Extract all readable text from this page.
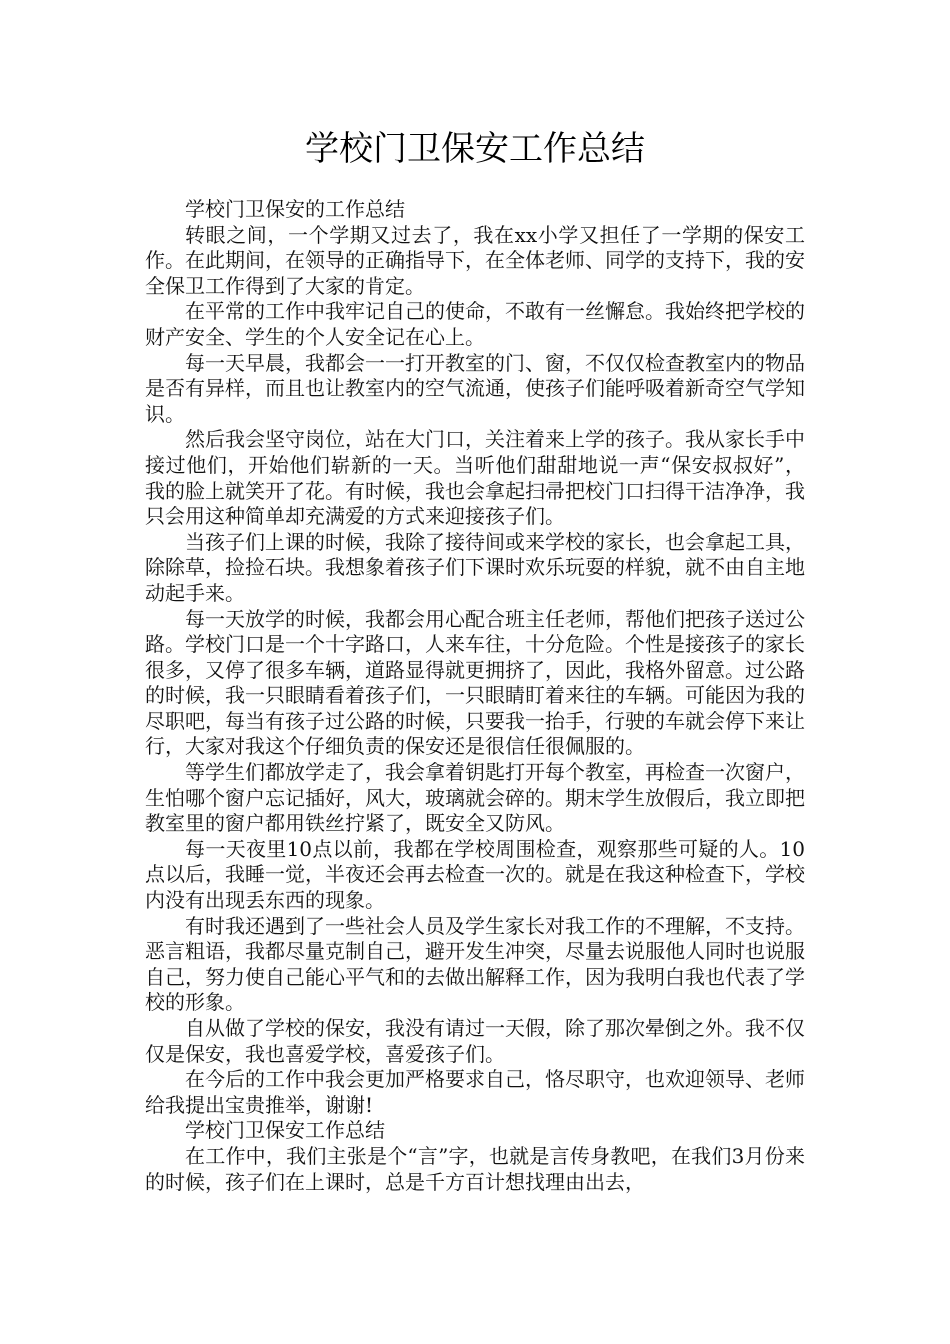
学校门卫保安工作总结

学校门卫保安的工作总结

转眼之间，一个学期又过去了，我在xx小学又担任了一学期的保安工作。在此期间，在领导的正确指导下，在全体老师、同学的支持下，我的安全保卫工作得到了大家的肯定。

在平常的工作中我牢记自己的使命，不敢有一丝懈怠。我始终把学校的财产安全、学生的个人安全记在心上。

每一天早晨，我都会一一打开教室的门、窗，不仅仅检查教室内的物品是否有异样，而且也让教室内的空气流通，使孩子们能呼吸着新奇空气学知识。

然后我会坚守岗位，站在大门口，关注着来上学的孩子。我从家长手中接过他们，开始他们崭新的一天。当听他们甜甜地说一声“保安叔叔好”，我的脸上就笑开了花。有时候，我也会拿起扫帚把校门口扫得干洁净净，我只会用这种简单却充满爱的方式来迎接孩子们。

当孩子们上课的时候，我除了接待间或来学校的家长，也会拿起工具，除除草，捡捡石块。我想象着孩子们下课时欢乐玩耍的样貌，就不由自主地动起手来。

每一天放学的时候，我都会用心配合班主任老师，帮他们把孩子送过公路。学校门口是一个十字路口，人来车往，十分危险。个性是接孩子的家长很多，又停了很多车辆，道路显得就更拥挤了，因此，我格外留意。过公路的时候，我一只眼睛看着孩子们，一只眼睛盯着来往的车辆。可能因为我的尽职吧，每当有孩子过公路的时候，只要我一抬手，行驶的车就会停下来让行，大家对我这个仔细负责的保安还是很信任很佩服的。

等学生们都放学走了，我会拿着钥匙打开每个教室，再检查一次窗户，生怕哪个窗户忘记插好，风大，玻璃就会碎的。期末学生放假后，我立即把教室里的窗户都用铁丝拧紧了，既安全又防风。

每一天夜里10点以前，我都在学校周围检查，观察那些可疑的人。10点以后，我睡一觉，半夜还会再去检查一次的。就是在我这种检查下，学校内没有出现丢东西的现象。

有时我还遇到了一些社会人员及学生家长对我工作的不理解，不支持。恶言粗语，我都尽量克制自己，避开发生冲突，尽量去说服他人同时也说服自己，努力使自己能心平气和的去做出解释工作，因为我明白我也代表了学校的形象。

自从做了学校的保安，我没有请过一天假，除了那次晕倒之外。我不仅仅是保安，我也喜爱学校，喜爱孩子们。

在今后的工作中我会更加严格要求自己，恪尽职守，也欢迎领导、老师给我提出宝贵推举，谢谢!

学校门卫保安工作总结

在工作中，我们主张是个“言”字，也就是言传身教吧，在我们3月份来的时候，孩子们在上课时，总是千方百计想找理由出去，
